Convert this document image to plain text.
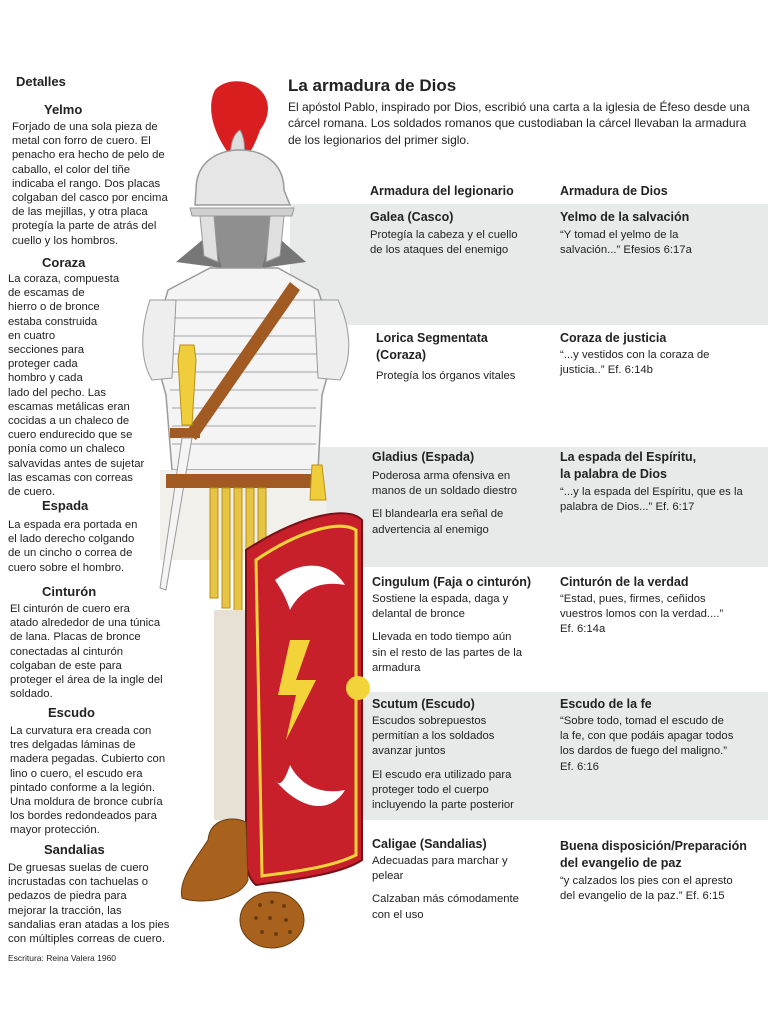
Detalles
Yelmo
Forjado de una sola pieza de
metal con forro de cuero. El
penacho era hecho de pelo de
caballo, el color del tiñe
indicaba el rango. Dos placas
colgaban del casco por encima
de las mejillas, y otra placa
protegía la parte de atrás del
cuello y los hombros.
Coraza
La coraza, compuesta
de escamas de
hierro o de bronce
estaba construida
en cuatro
secciones para
proteger cada
hombro y cada
lado del pecho. Las
escamas metálicas eran
cocidas a un chaleco de
cuero endurecido que se
ponía como un chaleco
salvavidas antes de sujetar
las escamas con correas
de cuero.
Espada
La espada era portada en
el lado derecho colgando
de un cincho o correa de
cuero sobre el hombro.
Cinturón
El cinturón de cuero era
atado alrededor de una túnica
de lana. Placas de bronce
conectadas al cinturón
colgaban de este para
proteger el área de la ingle del
soldado.
Escudo
La curvatura era creada con
tres delgadas láminas de
madera pegadas. Cubierto con
lino o cuero, el escudo era
pintado conforme a la legión.
Una moldura de bronce cubría
los bordes redondeados para
mayor protección.
Sandalias
De gruesas suelas de cuero
incrustadas con tachuelas o
pedazos de piedra para
mejorar la tracción, las
sandalias eran atadas a los pies
con múltiples correas de cuero.
Escritura: Reina Valera 1960
La armadura de Dios
El apóstol Pablo, inspirado por Dios, escribió una carta a la iglesia de Éfeso desde una cárcel romana. Los soldados romanos que custodiaban la cárcel llevaban la armadura de los legionarios del primer siglo.
Armadura del legionario	Armadura de Dios
Galea (Casco)
Protegía la cabeza y el cuello
de los ataques del enemigo
Yelmo de la salvación
“Y tomad el yelmo de la
salvación...” Efesios 6:17a
Lorica Segmentata
(Coraza)
Protegía los órganos vitales
Coraza de justicia
“...y vestidos con la coraza de
justicia..” Ef. 6:14b
Gladius (Espada)
Poderosa arma ofensiva en
manos de un soldado diestro
El blandearla era señal de
advertencia al enemigo
La espada del Espíritu,
la palabra de Dios
“...y la espada del Espíritu, que es la
palabra de Dios...” Ef. 6:17
Cingulum (Faja o cinturón)
Sostiene la espada, daga y
delantal de bronce
Llevada en todo tiempo aún
sin el resto de las partes de la
armadura
Cinturón de la verdad
“Estad, pues, firmes, ceñidos
vuestros lomos con la verdad....”
Ef. 6:14a
Scutum (Escudo)
Escudos sobrepuestos
permitían a los soldados
avanzar juntos
El escudo era utilizado para
proteger todo el cuerpo
incluyendo la parte posterior
Escudo de la fe
“Sobre todo, tomad el escudo de
la fe, con que podáis apagar todos
los dardos de fuego del maligno.”
Ef. 6:16
Caligae (Sandalias)
Adecuadas para marchar y
pelear
Calzaban más cómodamente
con el uso
Buena disposición/Preparación
del evangelio de paz
“y calzados los pies con el apresto
del evangelio de la paz.” Ef. 6:15
